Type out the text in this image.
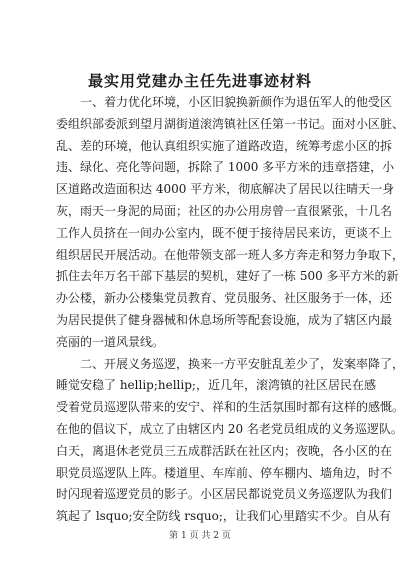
最实用党建办主任先进事迹材料
一、着力优化环境，小区旧貌换新颜作为退伍军人的他受区
委组织部委派到望月湖街道滚湾镇社区任第一书记。面对小区脏、
乱、差的环境，他认真组织实施了道路改造，统筹考虑小区的拆
违、绿化、亮化等问题，拆除了 1000 多平方米的违章搭建，小
区道路改造面积达 4000 平方米，彻底解决了居民以往晴天一身
灰，雨天一身泥的局面；社区的办公用房曾一直很紧张，十几名
工作人员挤在一间办公室内，既不便于接待居民来访，更谈不上
组织居民开展活动。在他带领支部一班人多方奔走和努力争取下，
抓住去年万名干部下基层的契机，建好了一栋 500 多平方米的新
办公楼，新办公楼集党员教育、党员服务、社区服务于一体，还
为居民提供了健身器械和休息场所等配套设施，成为了辖区内最
亮丽的一道风景线。
二、开展义务巡逻，换来一方平安脏乱差少了，发案率降了，
睡觉安稳了 hellip;hellip;，近几年，滚湾镇的社区居民在感
受着党员巡逻队带来的安宁、祥和的生活氛围时都有这样的感慨。
在他的倡议下，成立了由辖区内 20 名老党员组成的义务巡逻队。
白天，离退休老党员三五成群活跃在社区内；夜晚，各小区的在
职党员巡逻队上阵。楼道里、车库前、停车棚内、墙角边，时不
时闪现着巡逻党员的影子。小区居民都说党员义务巡逻队为我们
筑起了 lsquo;安全防线 rsquo;，让我们心里踏实不少。自从有
第 1 页 共 2 页
